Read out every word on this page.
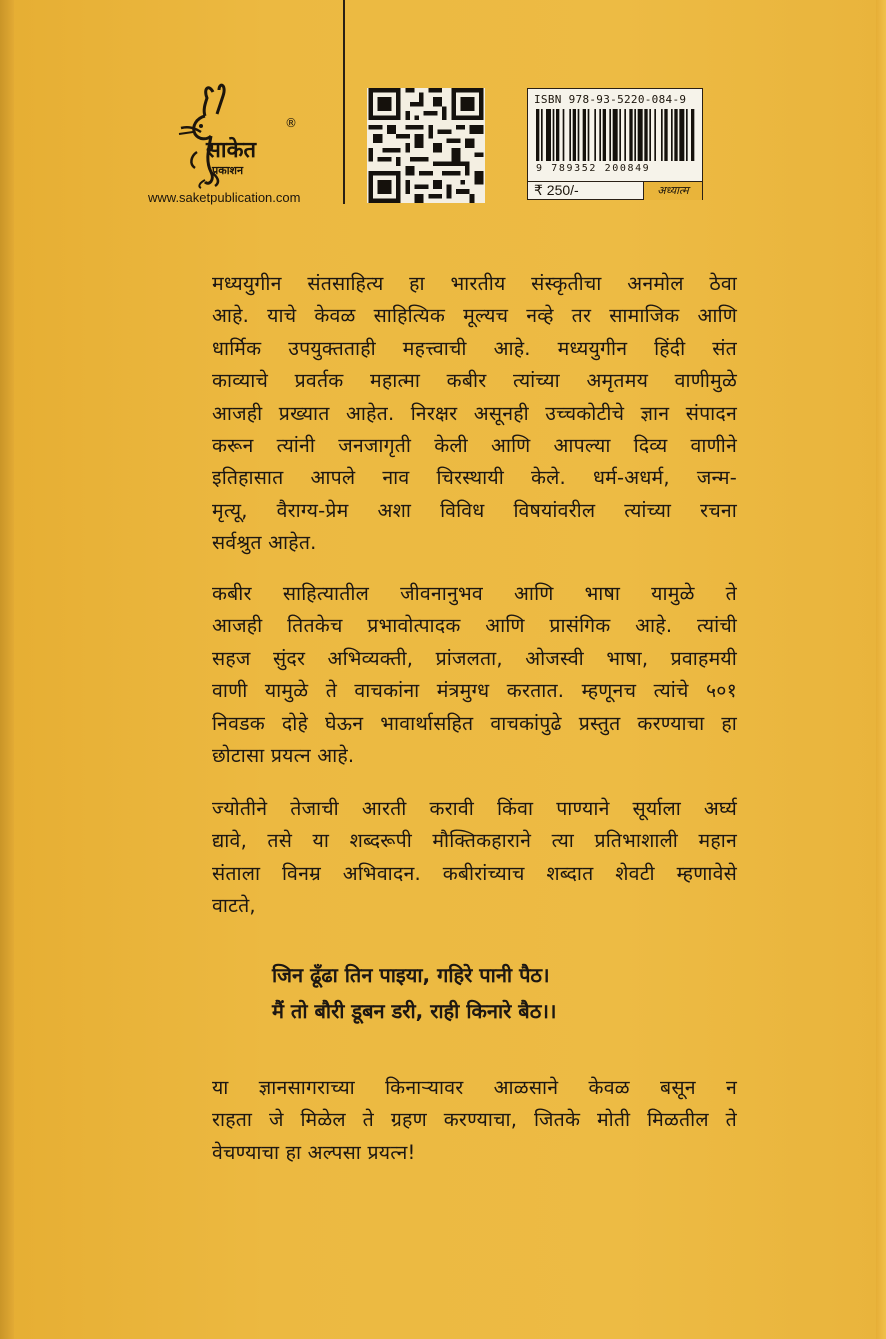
साकेत
®
प्रकाशन
www.saketpublication.com
ISBN 978-93-5220-084-9
9 789352 200849
₹ 250/-	अध्यात्म
मध्ययुगीन संतसाहित्य हा भारतीय संस्कृतीचा अनमोल ठेवा
आहे. याचे केवळ साहित्यिक मूल्यच नव्हे तर सामाजिक आणि
धार्मिक उपयुक्तताही महत्त्वाची आहे. मध्ययुगीन हिंदी संत
काव्याचे प्रवर्तक महात्मा कबीर त्यांच्या अमृतमय वाणीमुळे
आजही प्रख्यात आहेत. निरक्षर असूनही उच्चकोटीचे ज्ञान संपादन
करून त्यांनी जनजागृती केली आणि आपल्या दिव्य वाणीने
इतिहासात आपले नाव चिरस्थायी केले. धर्म-अधर्म, जन्म-
मृत्यू, वैराग्य-प्रेम अशा विविध विषयांवरील त्यांच्या रचना
सर्वश्रुत आहेत.
कबीर साहित्यातील जीवनानुभव आणि भाषा यामुळे ते
आजही तितकेच प्रभावोत्पादक आणि प्रासंगिक आहे. त्यांची
सहज सुंदर अभिव्यक्ती, प्रांजलता, ओजस्वी भाषा, प्रवाहमयी
वाणी यामुळे ते वाचकांना मंत्रमुग्ध करतात. म्हणूनच त्यांचे ५०१
निवडक दोहे घेऊन भावार्थासहित वाचकांपुढे प्रस्तुत करण्याचा हा
छोटासा प्रयत्न आहे.
ज्योतीने तेजाची आरती करावी किंवा पाण्याने सूर्याला अर्घ्य
द्यावे, तसे या शब्दरूपी मौक्तिकहाराने त्या प्रतिभाशाली महान
संताला विनम्र अभिवादन. कबीरांच्याच शब्दात शेवटी म्हणावेसे
वाटते,
जिन ढूँढा तिन पाइया, गहिरे पानी पैठ।
मैं तो बौरी डूबन डरी, राही किनारे बैठ।।
या ज्ञानसागराच्या किनाऱ्यावर आळसाने केवळ बसून न
राहता जे मिळेल ते ग्रहण करण्याचा, जितके मोती मिळतील ते
वेचण्याचा हा अल्पसा प्रयत्न!
